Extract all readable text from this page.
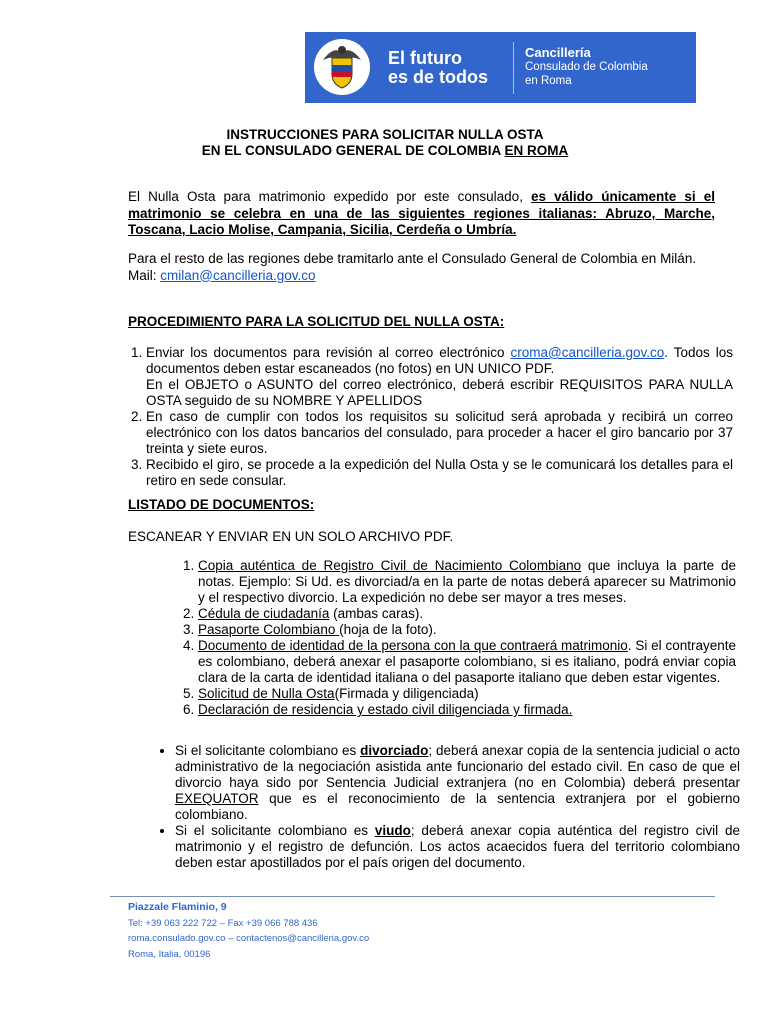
El futuro
es de todos
Cancillería
Consulado de Colombia
en Roma
INSTRUCCIONES PARA SOLICITAR NULLA OSTA
EN EL CONSULADO GENERAL DE COLOMBIA EN ROMA
El Nulla Osta para matrimonio expedido por este consulado, es válido únicamente si el matrimonio se celebra en una de las siguientes regiones italianas: Abruzo, Marche, Toscana, Lacio Molise, Campania, Sicilia, Cerdeña o Umbría.
Para el resto de las regiones debe tramitarlo ante el Consulado General de Colombia en Milán.
Mail: cmilan@cancilleria.gov.co
PROCEDIMIENTO PARA LA SOLICITUD DEL NULLA OSTA:
1. Enviar los documentos para revisión al correo electrónico croma@cancilleria.gov.co. Todos los documentos deben estar escaneados (no fotos) en UN UNICO PDF.
En el OBJETO o ASUNTO del correo electrónico, deberá escribir REQUISITOS PARA NULLA OSTA seguido de su NOMBRE Y APELLIDOS
2. En caso de cumplir con todos los requisitos su solicitud será aprobada y recibirá un correo electrónico con los datos bancarios del consulado, para proceder a hacer el giro bancario por 37 treinta y siete euros.
3. Recibido el giro, se procede a la expedición del Nulla Osta y se le comunicará los detalles para el retiro en sede consular.
LISTADO DE DOCUMENTOS:
ESCANEAR Y ENVIAR EN UN SOLO ARCHIVO PDF.
1. Copia auténtica de Registro Civil de Nacimiento Colombiano que incluya la parte de notas. Ejemplo: Si Ud. es divorciad/a en la parte de notas deberá aparecer su Matrimonio y el respectivo divorcio. La expedición no debe ser mayor a tres meses.
2. Cédula de ciudadanía (ambas caras).
3. Pasaporte Colombiano (hoja de la foto).
4. Documento de identidad de la persona con la que contraerá matrimonio. Si el contrayente es colombiano, deberá anexar el pasaporte colombiano, si es italiano, podrá enviar copia clara de la carta de identidad italiana o del pasaporte italiano que deben estar vigentes.
5. Solicitud de Nulla Osta(Firmada y diligenciada)
6. Declaración de residencia y estado civil diligenciada y firmada.
• Si el solicitante colombiano es divorciado; deberá anexar copia de la sentencia judicial o acto administrativo de la negociación asistida ante funcionario del estado civil. En caso de que el divorcio haya sido por Sentencia Judicial extranjera (no en Colombia) deberá presentar EXEQUATOR que es el reconocimiento de la sentencia extranjera por el gobierno colombiano.
• Si el solicitante colombiano es viudo; deberá anexar copia auténtica del registro civil de matrimonio y el registro de defunción. Los actos acaecidos fuera del territorio colombiano deben estar apostillados por el país origen del documento.
Piazzale Flaminio, 9
Tel: +39 063 222 722 – Fax +39 066 788 436
roma.consulado.gov.co – contactenos@cancilleria.gov.co
Roma, Italia, 00196
